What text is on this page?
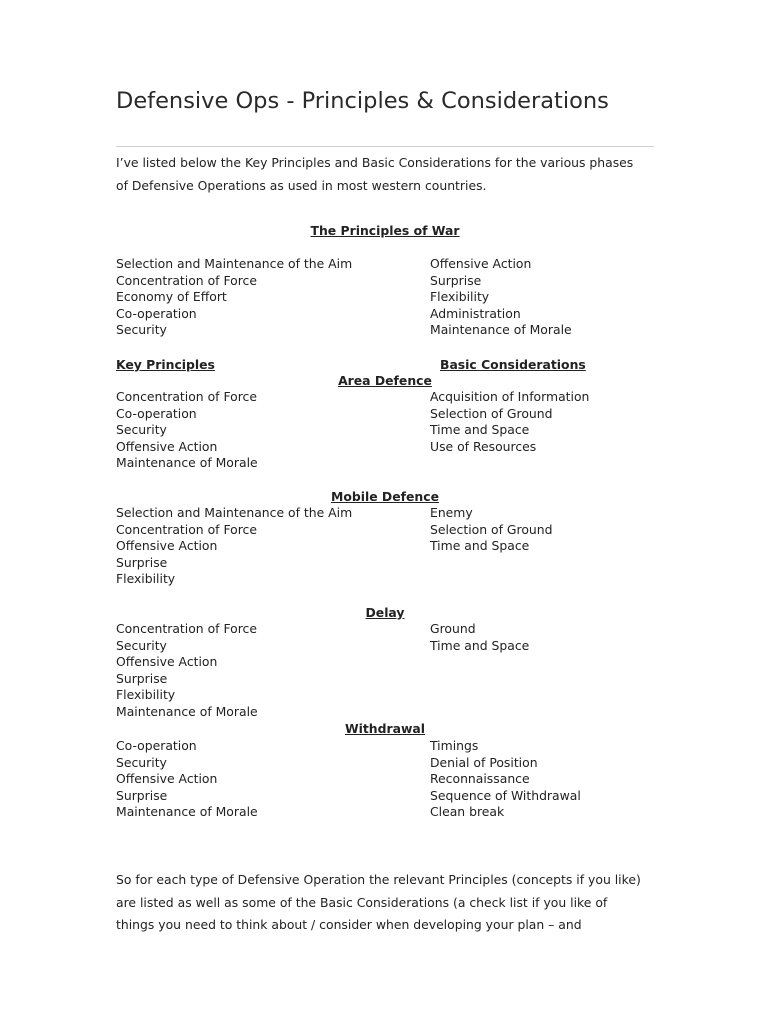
Defensive Ops - Principles & Considerations

I’ve listed below the Key Principles and Basic Considerations for the various phases of Defensive Operations as used in most western countries.

The Principles of War
Selection and Maintenance of the Aim	Offensive Action
Concentration of Force	Surprise
Economy of Effort	Flexibility
Co-operation	Administration
Security	Maintenance of Morale
Key Principles	Basic Considerations
Area Defence
Concentration of Force	Acquisition of Information
Co-operation	Selection of Ground
Security	Time and Space
Offensive Action	Use of Resources
Maintenance of Morale
Mobile Defence
Selection and Maintenance of the Aim	Enemy
Concentration of Force	Selection of Ground
Offensive Action	Time and Space
Surprise
Flexibility
Delay
Concentration of Force	Ground
Security	Time and Space
Offensive Action
Surprise
Flexibility
Maintenance of Morale
Withdrawal
Co-operation	Timings
Security	Denial of Position
Offensive Action	Reconnaissance
Surprise	Sequence of Withdrawal
Maintenance of Morale	Clean break

So for each type of Defensive Operation the relevant Principles (concepts if you like) are listed as well as some of the Basic Considerations (a check list if you like of things you need to think about / consider when developing your plan – and
